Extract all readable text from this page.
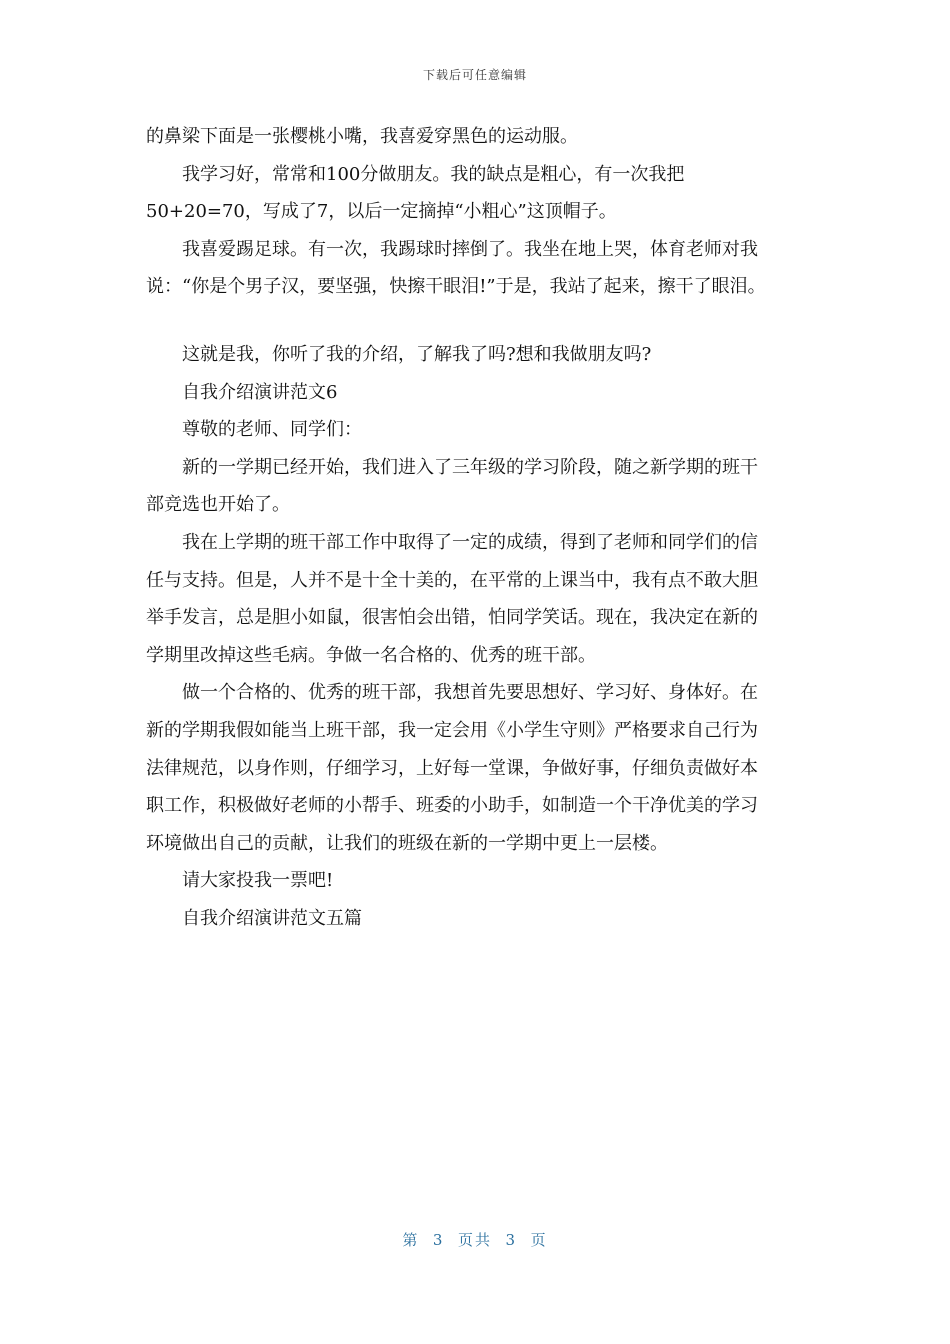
下载后可任意编辑
的鼻梁下面是一张樱桃小嘴，我喜爱穿黑色的运动服。
我学习好，常常和100分做朋友。我的缺点是粗心，有一次我把
50+20=70，写成了7，以后一定摘掉“小粗心”这顶帽子。
我喜爱踢足球。有一次，我踢球时摔倒了。我坐在地上哭，体育老师对我
说：“你是个男子汉，要坚强，快擦干眼泪!”于是，我站了起来，擦干了眼泪。
这就是我，你听了我的介绍，了解我了吗?想和我做朋友吗?
自我介绍演讲范文6
尊敬的老师、同学们：
新的一学期已经开始，我们进入了三年级的学习阶段，随之新学期的班干
部竞选也开始了。
我在上学期的班干部工作中取得了一定的成绩，得到了老师和同学们的信
任与支持。但是，人并不是十全十美的，在平常的上课当中，我有点不敢大胆
举手发言，总是胆小如鼠，很害怕会出错，怕同学笑话。现在，我决定在新的
学期里改掉这些毛病。争做一名合格的、优秀的班干部。
做一个合格的、优秀的班干部，我想首先要思想好、学习好、身体好。在
新的学期我假如能当上班干部，我一定会用《小学生守则》严格要求自己行为
法律规范，以身作则，仔细学习，上好每一堂课，争做好事，仔细负责做好本
职工作，积极做好老师的小帮手、班委的小助手，如制造一个干净优美的学习
环境做出自己的贡献，让我们的班级在新的一学期中更上一层楼。
请大家投我一票吧!
自我介绍演讲范文五篇
第  3  页共  3  页
